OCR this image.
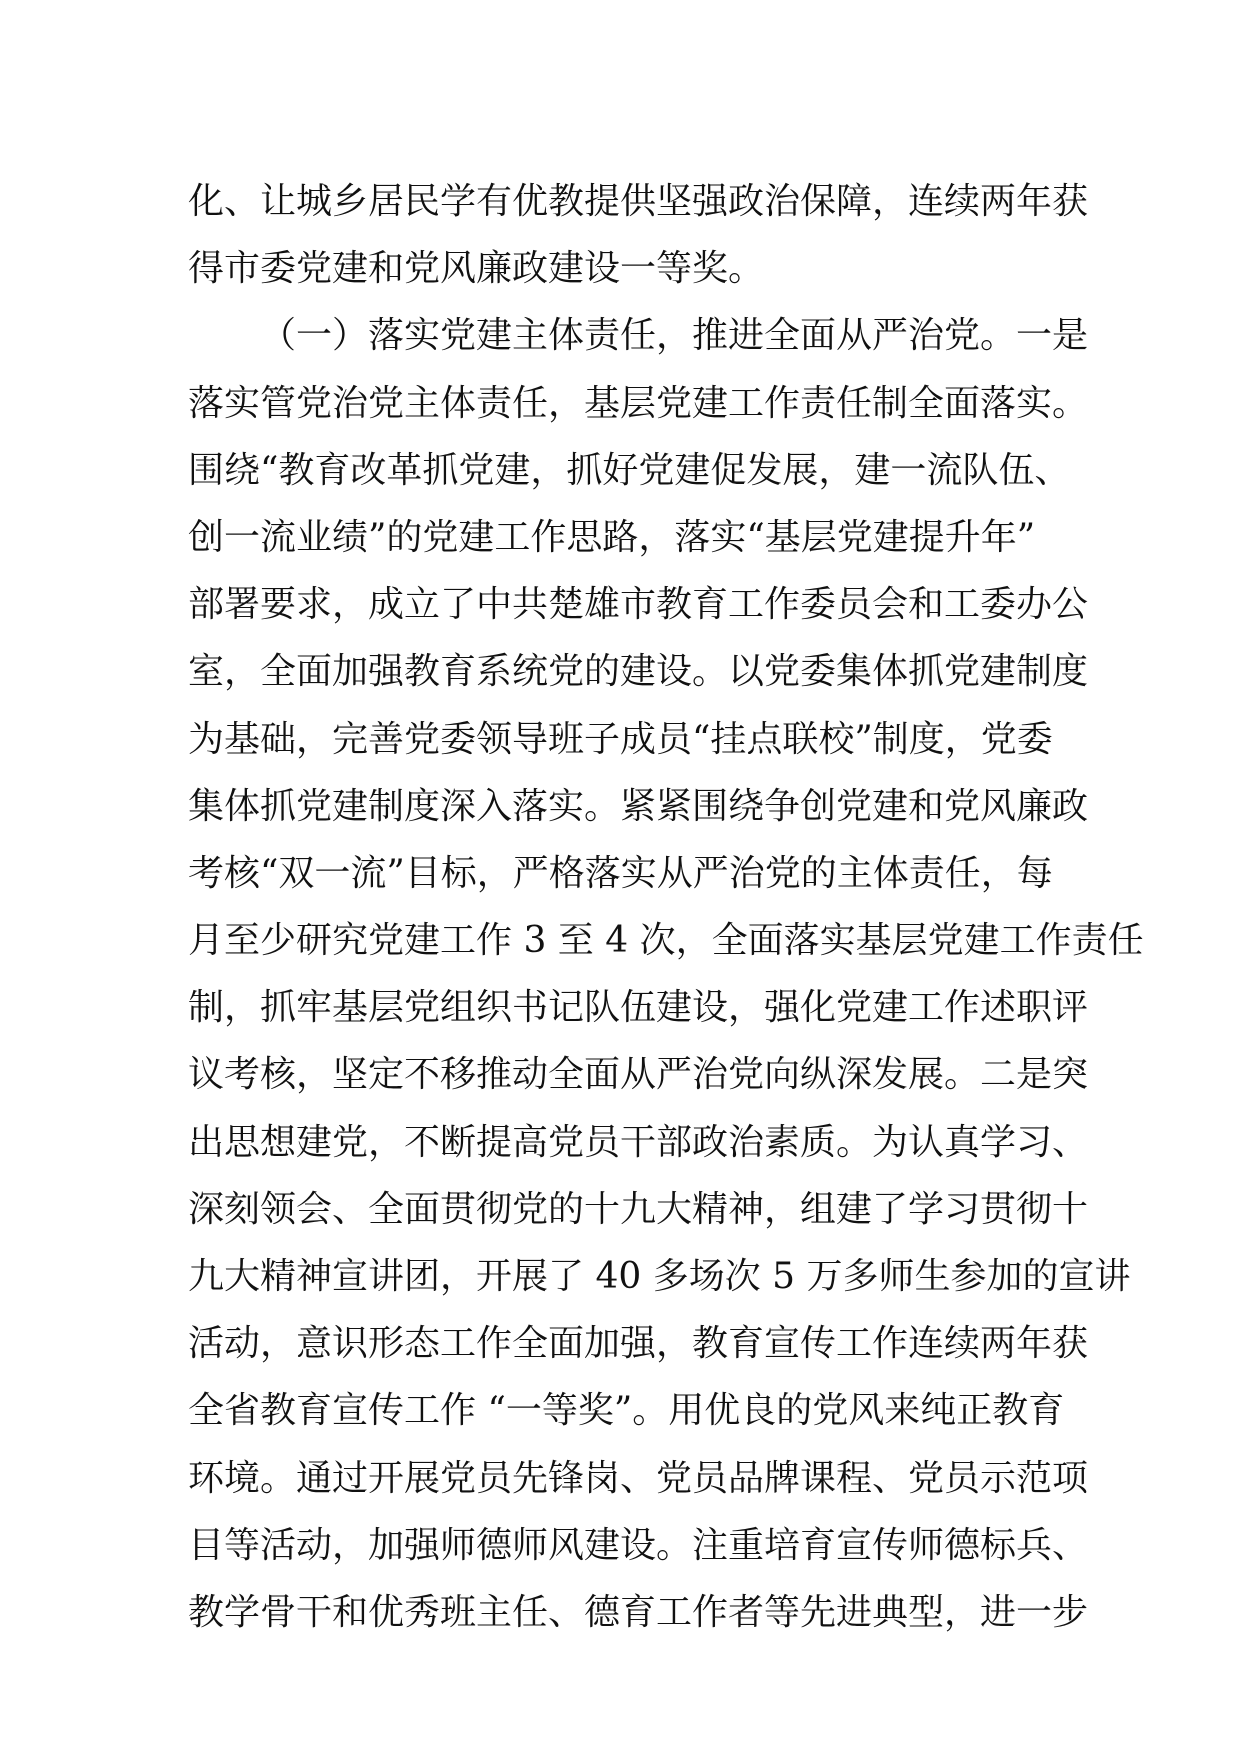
化、让城乡居民学有优教提供坚强政治保障，连续两年获
得市委党建和党风廉政建设一等奖。
（一）落实党建主体责任，推进全面从严治党。一是
落实管党治党主体责任，基层党建工作责任制全面落实。
围绕“教育改革抓党建，抓好党建促发展，建一流队伍、
创一流业绩”的党建工作思路，落实“基层党建提升年”
部署要求，成立了中共楚雄市教育工作委员会和工委办公
室，全面加强教育系统党的建设。以党委集体抓党建制度
为基础，完善党委领导班子成员“挂点联校”制度，党委
集体抓党建制度深入落实。紧紧围绕争创党建和党风廉政
考核“双一流”目标，严格落实从严治党的主体责任，每
月至少研究党建工作 3 至 4 次，全面落实基层党建工作责任
制，抓牢基层党组织书记队伍建设，强化党建工作述职评
议考核，坚定不移推动全面从严治党向纵深发展。二是突
出思想建党，不断提高党员干部政治素质。为认真学习、
深刻领会、全面贯彻党的十九大精神，组建了学习贯彻十
九大精神宣讲团，开展了 40 多场次 5 万多师生参加的宣讲
活动，意识形态工作全面加强，教育宣传工作连续两年获
全省教育宣传工作 “一等奖”。用优良的党风来纯正教育
环境。通过开展党员先锋岗、党员品牌课程、党员示范项
目等活动，加强师德师风建设。注重培育宣传师德标兵、
教学骨干和优秀班主任、德育工作者等先进典型，进一步
